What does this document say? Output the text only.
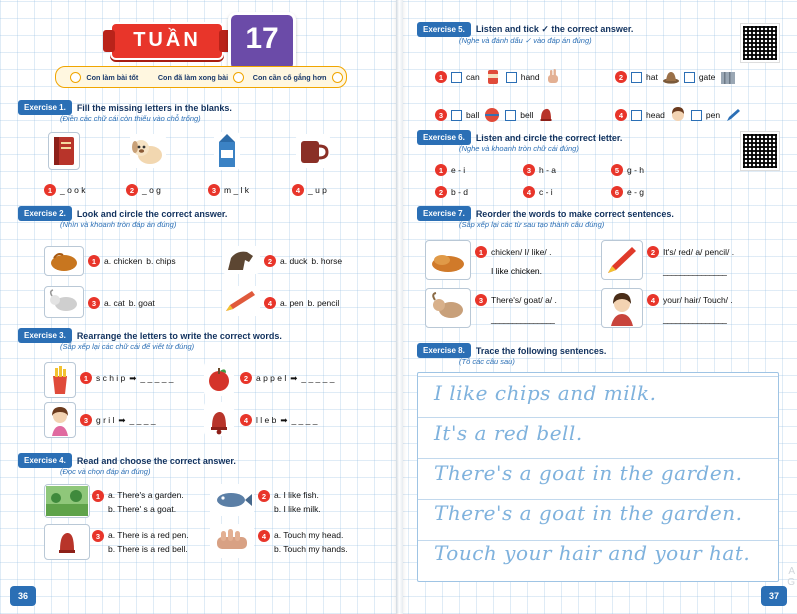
TUẦN	17
Con làm bài tốt	Con đã làm xong bài	Con cần cố gắng hơn
Exercise 1.	Fill the missing letters in the blanks.
(Điền các chữ cái còn thiếu vào chỗ trống)
1 _ o o k	2 _ o g	3 m _ l k	4 _ u p
Exercise 2.	Look and circle the correct answer.
(Nhìn và khoanh tròn đáp án đúng)
1 a. chicken b. chips	2 a. duck b. horse
3 a. cat b. goat	4 a. pen b. pencil
Exercise 3.	Rearrange the letters to write the correct words.
(Sắp xếp lại các chữ cái để viết từ đúng)
1 s c h i p ➡ _ _ _ _ _	2 a p p e l ➡ _ _ _ _ _
3 g r i l ➡ _ _ _ _	4 l l e b ➡ _ _ _ _
Exercise 4.	Read and choose the correct answer.
(Đọc và chọn đáp án đúng)
1 a. There's a garden.
b. There' s a goat.
2 a. I like fish.
b. I like milk.
3 a. There is a red pen.
b. There is a red bell.
4 a. Touch my head.
b. Touch my hands.
36
Exercise 5.	Listen and tick ✓ the correct answer.
(Nghe và đánh dấu ✓ vào đáp án đúng)
1	can	hand	2	hat	gate
3	ball	bell	4	head	pen
Exercise 6.	Listen and circle the correct letter.
(Nghe và khoanh tròn chữ cái đúng)
1 e - i	3 h - a	5 g - h
2 b - d	4 c - i	6 e - g
Exercise 7.	Reorder the words to make correct sentences.
(Sắp xếp lại các từ sau tạo thành câu đúng)
1 chicken/ I/ like/ .
I like chicken.
2 It's/ red/ a/ pencil/ .
_______________
3 There's/ goat/ a/ .
_______________
4 your/ hair/ Touch/ .
_______________
Exercise 8.	Trace the following sentences.
(Tô các câu sau)
I like chips and milk.
It's a red bell.
There's a goat in the garden.
There's a goat in the garden.
Touch your hair and your hat.
37
A
G
